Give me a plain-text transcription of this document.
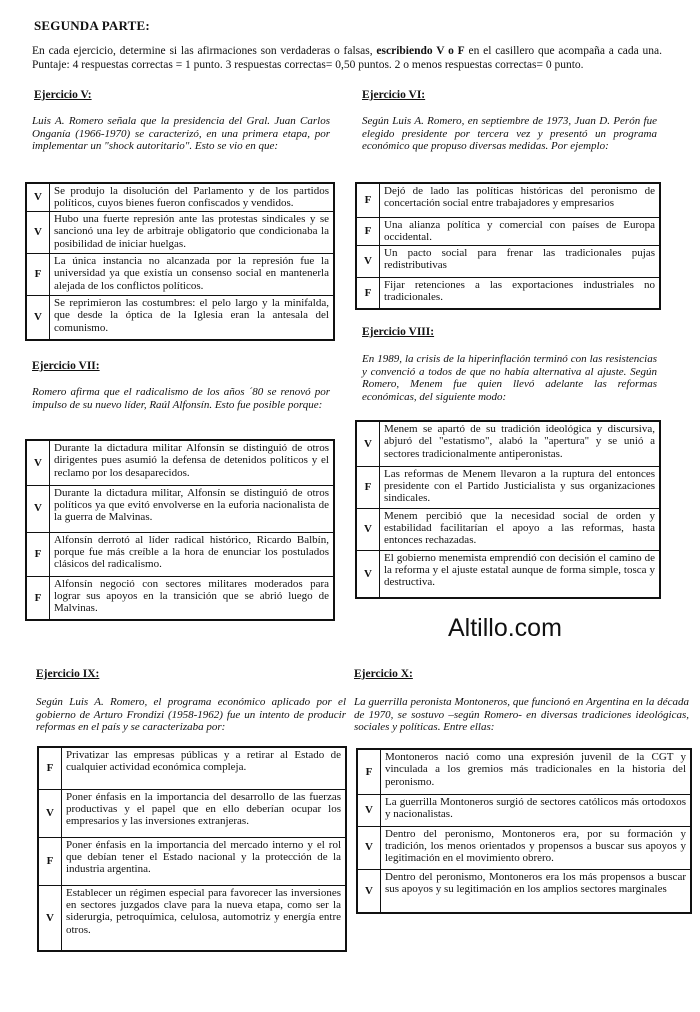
SEGUNDA PARTE:
En cada ejercicio, determine si las afirmaciones son verdaderas o falsas, escribiendo V o F en el casillero que acompaña a cada una. Puntaje: 4 respuestas correctas = 1 punto. 3 respuestas correctas= 0,50 puntos. 2 o menos respuestas correctas= 0 punto.
Ejercicio V:
Luis A. Romero señala que la presidencia del Gral. Juan Carlos Onganía (1966-1970) se caracterizó, en una primera etapa, por implementar un "shock autoritario". Esto se vio en que:
V	Se produjo la disolución del Parlamento y de los partidos políticos, cuyos bienes fueron confiscados y vendidos.
V	Hubo una fuerte represión ante las protestas sindicales y se sancionó una ley de arbitraje obligatorio que condicionaba la posibilidad de iniciar huelgas.
F	La única instancia no alcanzada por la represión fue la universidad ya que existía un consenso social en mantenerla alejada de los conflictos políticos.
V	Se reprimieron las costumbres: el pelo largo y la minifalda, que desde la óptica de la Iglesia eran la antesala del comunismo.
Ejercicio VI:
Según Luis A. Romero, en septiembre de 1973, Juan D. Perón fue elegido presidente por tercera vez y presentó un programa económico que propuso diversas medidas. Por ejemplo:
F	Dejó de lado las políticas históricas del peronismo de concertación social entre trabajadores y empresarios
F	Una alianza política y comercial con países de Europa occidental.
V	Un pacto social para frenar las tradicionales pujas redistributivas
F	Fijar retenciones a las exportaciones industriales no tradicionales.
Ejercicio VII:
Romero afirma que el radicalismo de los años ´80 se renovó por impulso de su nuevo líder, Raúl Alfonsín. Esto fue posible porque:
V	Durante la dictadura militar Alfonsín se distinguió de otros dirigentes pues asumió la defensa de detenidos políticos y el reclamo por los desaparecidos.
V	Durante la dictadura militar, Alfonsín se distinguió de otros políticos ya que evitó envolverse en la euforia nacionalista de la guerra de Malvinas.
F	Alfonsín derrotó al líder radical histórico, Ricardo Balbín, porque fue más creíble a la hora de enunciar los postulados clásicos del radicalismo.
F	Alfonsín negoció con sectores militares moderados para lograr sus apoyos en la transición que se abrió luego de Malvinas.
Ejercicio VIII:
En 1989, la crisis de la hiperinflación terminó con las resistencias y convenció a todos de que no había alternativa al ajuste. Según Romero, Menem fue quien llevó adelante las reformas económicas, del siguiente modo:
V	Menem se apartó de su tradición ideológica y discursiva, abjuró del "estatismo", alabó la "apertura" y se unió a sectores tradicionalmente antiperonistas.
F	Las reformas de Menem llevaron a la ruptura del entonces presidente con el Partido Justicialista y sus organizaciones sindicales.
V	Menem percibió que la necesidad social de orden y estabilidad facilitarían el apoyo a las reformas, hasta entonces rechazadas.
V	El gobierno menemista emprendió con decisión el camino de la reforma y el ajuste estatal aunque de forma simple, tosca y destructiva.
Altillo.com
Ejercicio IX:
Según Luis A. Romero, el programa económico aplicado por el gobierno de Arturo Frondizi (1958-1962) fue un intento de producir reformas en el país y se caracterizaba por:
F	Privatizar las empresas públicas y a retirar al Estado de cualquier actividad económica compleja.
V	Poner énfasis en la importancia del desarrollo de las fuerzas productivas y el papel que en ello deberían ocupar los empresarios y las inversiones extranjeras.
F	Poner énfasis en la importancia del mercado interno y el rol que debían tener el Estado nacional y la protección de la industria argentina.
V	Establecer un régimen especial para favorecer las inversiones en sectores juzgados clave para la nueva etapa, como ser la siderurgia, petroquímica, celulosa, automotriz y energía entre otros.
Ejercicio X:
La guerrilla peronista Montoneros, que funcionó en Argentina en la década de 1970, se sostuvo –según Romero- en diversas tradiciones ideológicas, sociales y políticas. Entre ellas:
F	Montoneros nació como una expresión juvenil de la CGT y vinculada a los gremios más tradicionales en la historia del peronismo.
V	La guerrilla Montoneros surgió de sectores católicos más ortodoxos y nacionalistas.
V	Dentro del peronismo, Montoneros era, por su formación y tradición, los menos orientados y propensos a buscar sus apoyos y legitimación en el movimiento obrero.
V	Dentro del peronismo, Montoneros era los más propensos a buscar sus apoyos y su legitimación en los amplios sectores marginales
